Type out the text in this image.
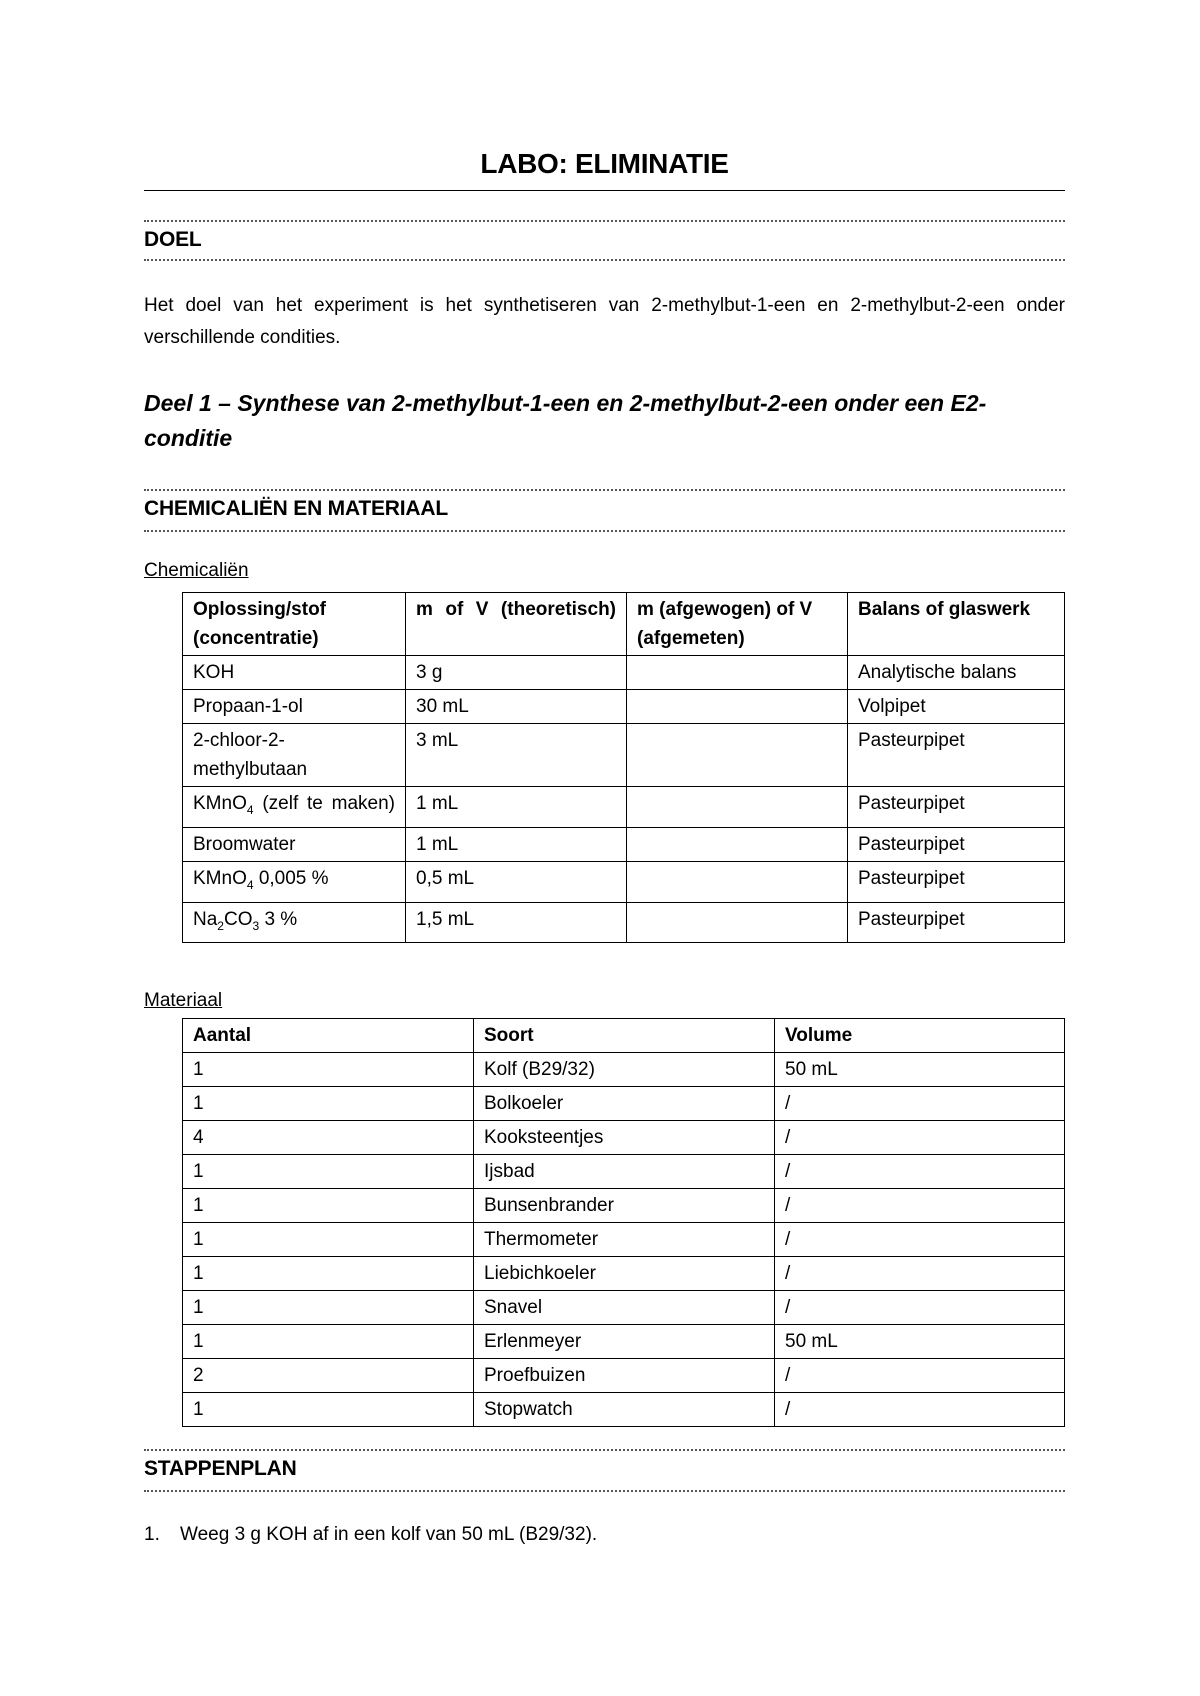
LABO: ELIMINATIE
DOEL
Het doel van het experiment is het synthetiseren van 2-methylbut-1-een en 2-methylbut-2-een onder verschillende condities.
Deel 1 – Synthese van 2-methylbut-1-een en 2-methylbut-2-een onder een E2-conditie
CHEMICALIËN EN MATERIAAL
Chemicaliën
Oplossing/stof (concentratie)	m of V (theoretisch)	m (afgewogen) of V (afgemeten)	Balans of glaswerk
KOH	3 g		Analytische balans
Propaan-1-ol	30 mL		Volpipet
2-chloor-2-methylbutaan	3 mL		Pasteurpipet
KMnO$_4$ (zelf te maken)	1 mL		Pasteurpipet
Broomwater	1 mL		Pasteurpipet
KMnO$_4$ 0,005 %	0,5 mL		Pasteurpipet
$Na_2CO_3$ 3 %	1,5 mL		Pasteurpipet
Materiaal
Aantal	Soort	Volume
1	Kolf (B29/32)	50 mL
1	Bolkoeler	/
4	Kooksteentjes	/
1	Ijsbad	/
1	Bunsenbrander	/
1	Thermometer	/
1	Liebichkoeler	/
1	Snavel	/
1	Erlenmeyer	50 mL
2	Proefbuizen	/
1	Stopwatch	/
STAPPENPLAN
1. Weeg 3 g KOH af in een kolf van 50 mL (B29/32).
